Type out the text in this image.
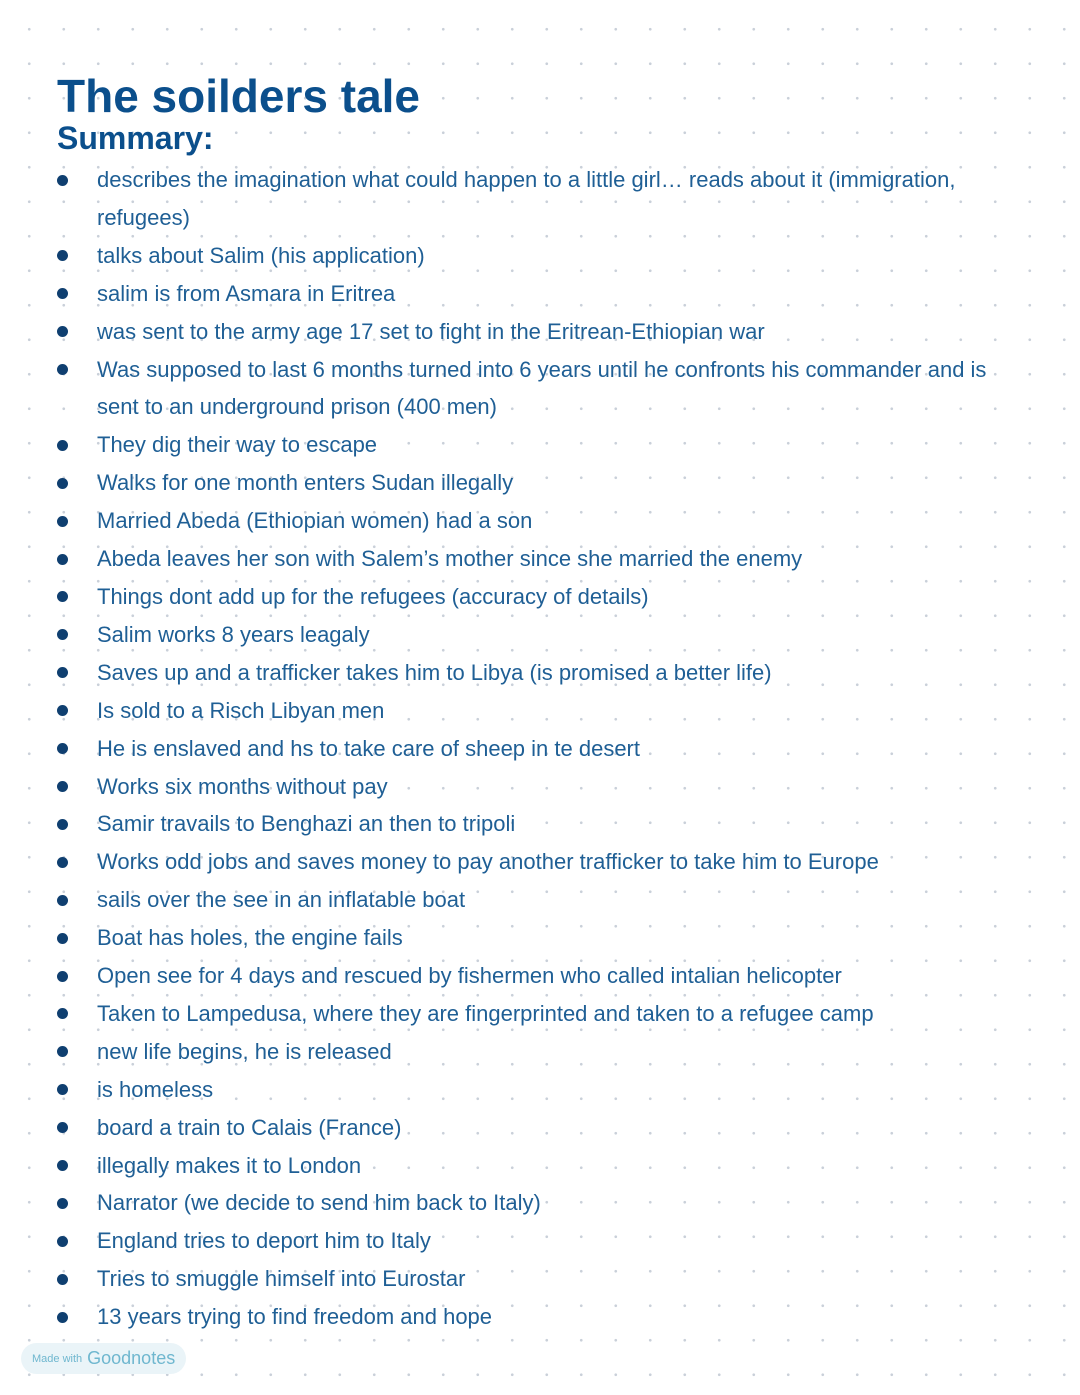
The soilders tale
Summary:
describes the imagination what could happen to a little girl… reads about it (immigration, refugees)
talks about Salim (his application)
salim is from Asmara in Eritrea
was sent to the army age 17 set to fight in the Eritrean-Ethiopian war
Was supposed to last 6 months turned into 6 years until he confronts his commander and is sent to an underground prison (400 men)
They dig their way to escape
Walks for one month enters Sudan illegally
Married Abeda (Ethiopian women) had a son
Abeda leaves her son with Salem’s mother since she married the enemy
Things dont add up for the refugees (accuracy of details)
Salim works 8 years leagaly
Saves up and a trafficker takes him to Libya (is promised a better life)
Is sold to a Risch Libyan men
He is enslaved and hs to take care of sheep in te desert
Works six months without pay
Samir travails to Benghazi an then to tripoli
Works odd jobs and saves money to pay another trafficker to take him to Europe
sails over the see in an inflatable boat
Boat has holes, the engine fails
Open see for 4 days and rescued by fishermen who called intalian helicopter
Taken to Lampedusa, where they are fingerprinted and taken to a refugee camp
new life begins, he is released
is homeless
board a train to Calais (France)
illegally makes it to London
Narrator (we decide to send him back to Italy)
England tries to deport him to Italy
Tries to smuggle himself into Eurostar
13 years trying to find freedom and hope
Made with Goodnotes
